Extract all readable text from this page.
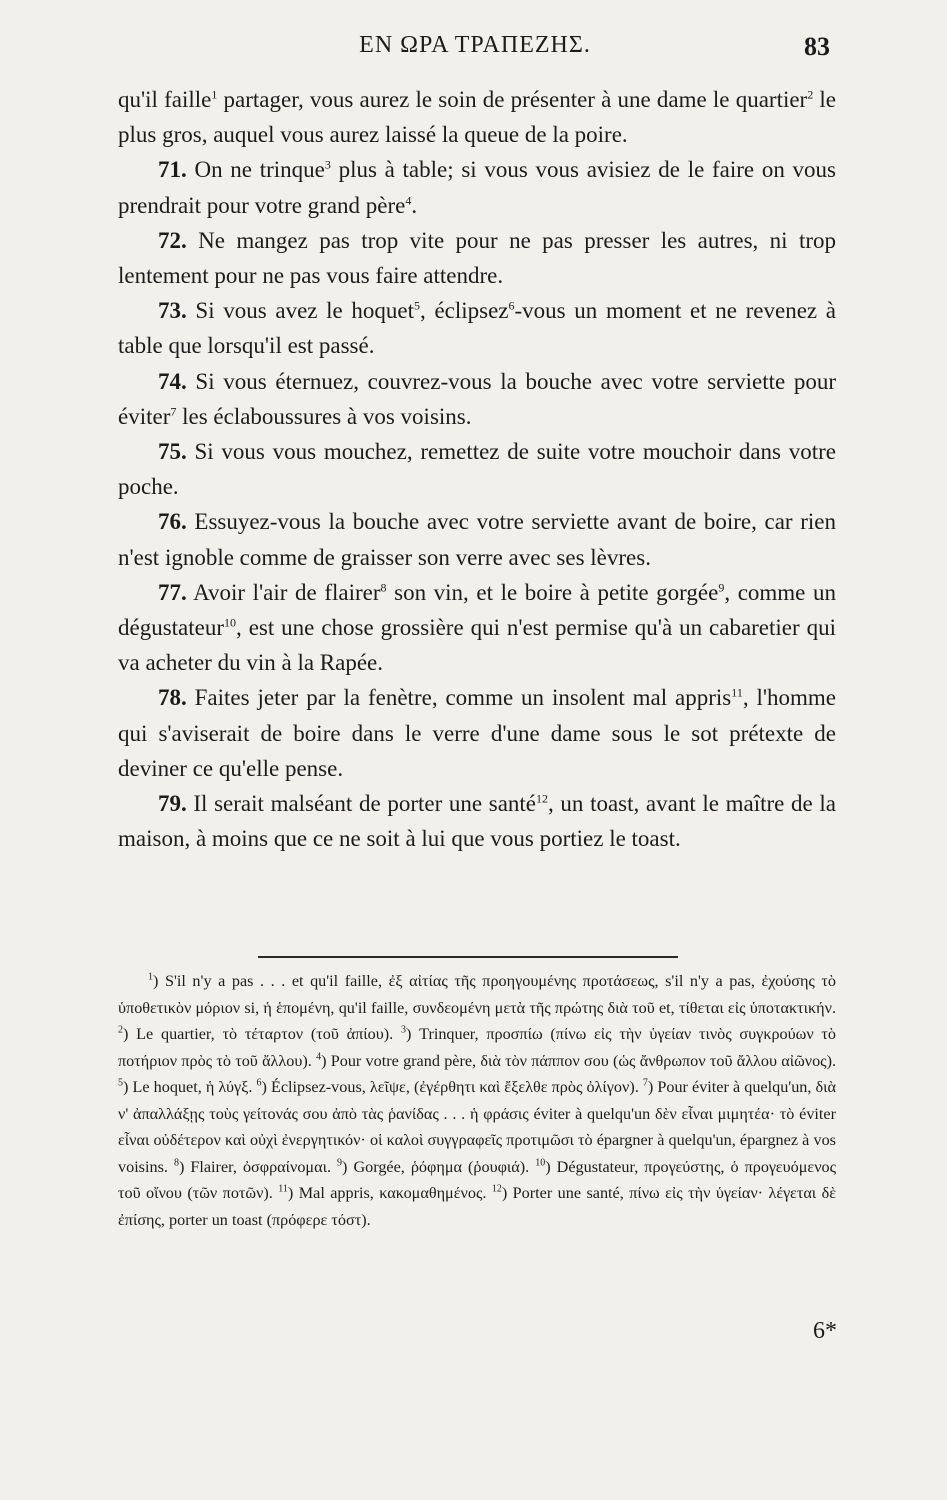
ΕΝ ΩΡΑ ΤΡΑΠΕΖΗΣ.	83

qu'il faille$^1$ partager, vous aurez le soin de présenter à une dame le quartier$^2$ le plus gros, auquel vous aurez laissé la queue de la poire.

71. On ne trinque$^3$ plus à table; si vous vous avisiez de le faire on vous prendrait pour votre grand père$^4$.

72. Ne mangez pas trop vite pour ne pas presser les autres, ni trop lentement pour ne pas vous faire attendre.

73. Si vous avez le hoquet$^5$, éclipsez$^6$-vous un moment et ne revenez à table que lorsqu'il est passé.

74. Si vous éternuez, couvrez-vous la bouche avec votre serviette pour éviter$^7$ les éclaboussures à vos voisins.

75. Si vous vous mouchez, remettez de suite votre mouchoir dans votre poche.

76. Essuyez-vous la bouche avec votre serviette avant de boire, car rien n'est ignoble comme de graisser son verre avec ses lèvres.

77. Avoir l'air de flairer$^8$ son vin, et le boire à petite gorgée$^9$, comme un dégustateur$^{10}$, est une chose grossière qui n'est permise qu'à un cabaretier qui va acheter du vin à la Rapée.

78. Faites jeter par la fenètre, comme un insolent mal appris$^{11}$, l'homme qui s'aviserait de boire dans le verre d'une dame sous le sot prétexte de deviner ce qu'elle pense.

79. Il serait malséant de porter une santé$^{12}$, un toast, avant le maître de la maison, à moins que ce ne soit à lui que vous portiez le toast.

$^1$) S'il n'y a pas . . . et qu'il faille, ἐξ αἰτίας τῆς προηγουμένης προτάσεως, s'il n'y a pas, ἐχούσης τὸ ὑποθετικὸν μόριον si, ἡ ἑπομένη, qu'il faille, συνδεομένη μετὰ τῆς πρώτης διὰ τοῦ et, τίθεται εἰς ὑποτακτικήν. $^2$) Le quartier, τὸ τέταρτον (τοῦ ἀπίου). $^3$) Trinquer, προσπίω (πίνω εἰς τὴν ὑγείαν τινὸς συγκρούων τὸ ποτήριον πρὸς τὸ τοῦ ἄλλου). $^4$) Pour votre grand père, διὰ τὸν πάππον σου (ὡς ἄνθρωπον τοῦ ἄλλου αἰῶνος). $^5$) Le hoquet, ἡ λύγξ. $^6$) Éclipsez-vous, λεῖψε, (ἐγέρθητι καὶ ἔξελθε πρὸς ὀλίγον). $^7$) Pour éviter à quelqu'un, διὰ ν' ἀπαλλάξῃς τοὺς γείτονάς σου ἀπὸ τὰς ῥανίδας . . . ἡ φράσις éviter à quelqu'un δὲν εἶναι μιμητέα· τὸ éviter εἶναι οὐδέτερον καὶ οὐχὶ ἐνεργητικόν· οἱ καλοὶ συγγραφεῖς προτιμῶσι τὸ épargner à quelqu'un, épargnez à vos voisins. $^8$) Flairer, ὀσφραίνομαι. $^9$) Gorgée, ῥόφημα (ῥουφιά). $^{10}$) Dégustateur, προγεύστης, ὁ προγευόμενος τοῦ οἴνου (τῶν ποτῶν). $^{11}$) Mal appris, κακομαθημένος. $^{12}$) Porter une santé, πίνω εἰς τὴν ὑγείαν· λέγεται δὲ ἐπίσης, porter un toast (πρόφερε τόστ).

6*
